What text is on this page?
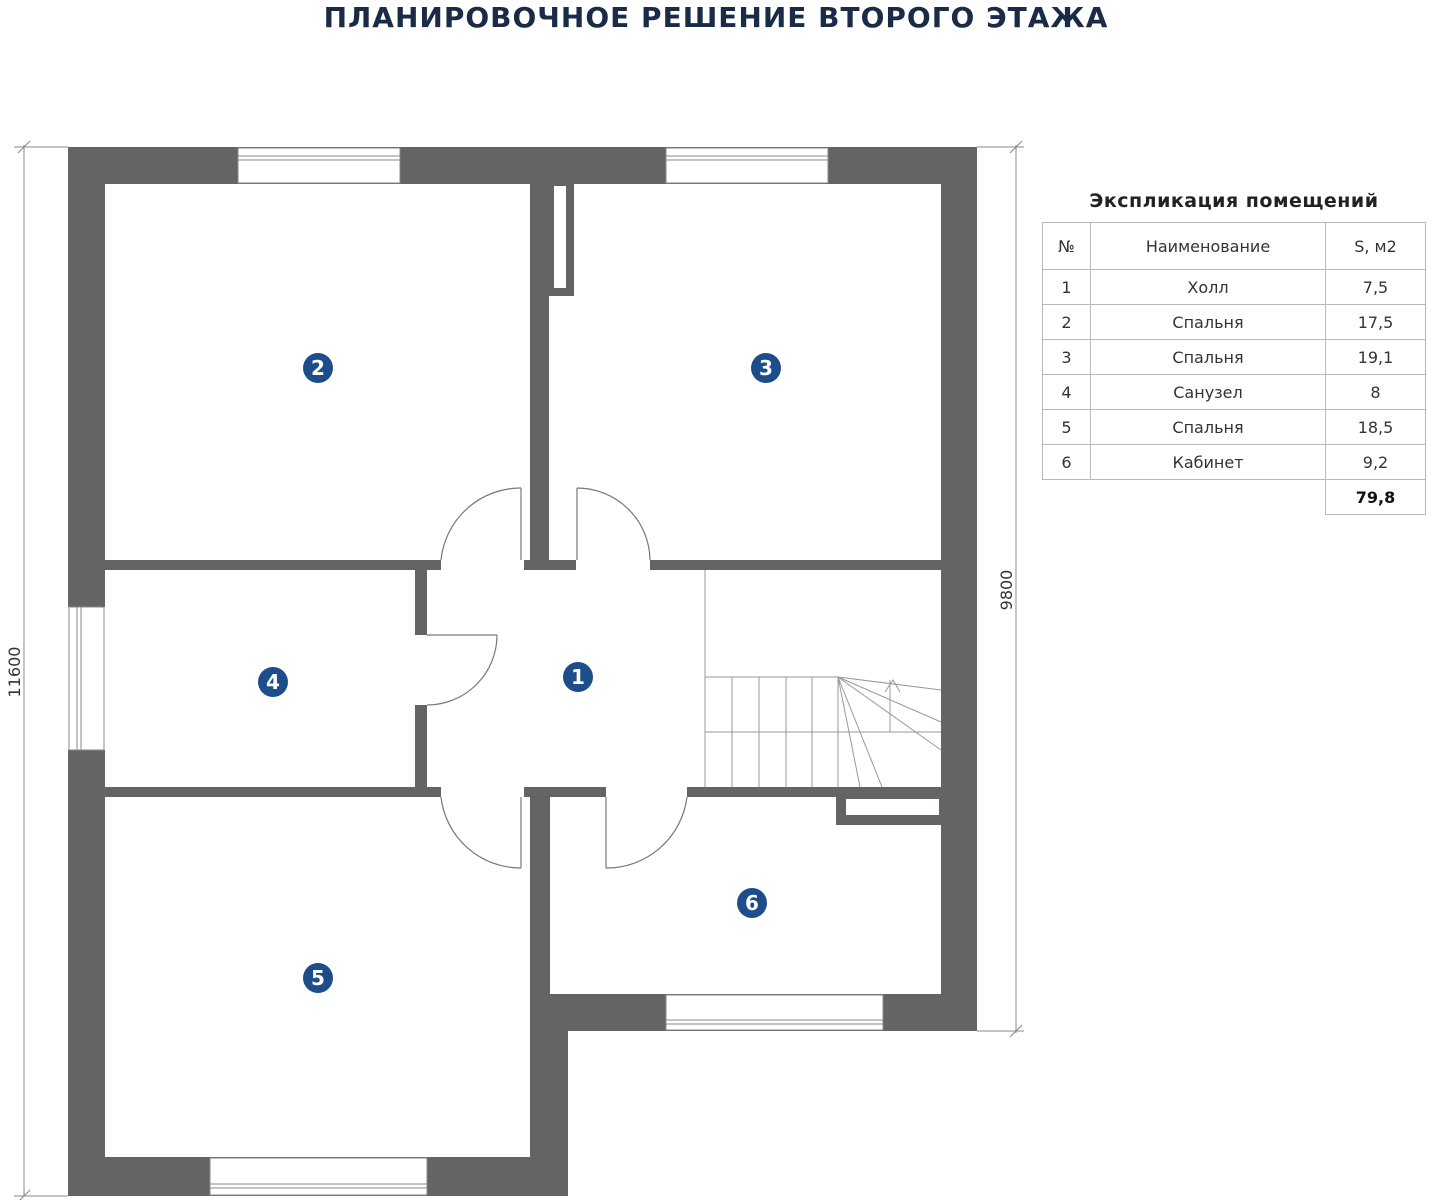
ПЛАНИРОВОЧНОЕ РЕШЕНИЕ ВТОРОГО ЭТАЖА
11600
9800
1
2	3
4
5
6
Экспликация помещений
№	Наименование	S, м2
1	Холл	7,5
2	Спальня	17,5
3	Спальня	19,1
4	Санузел	8
5	Спальня	18,5
6	Кабинет	9,2
		79,8
